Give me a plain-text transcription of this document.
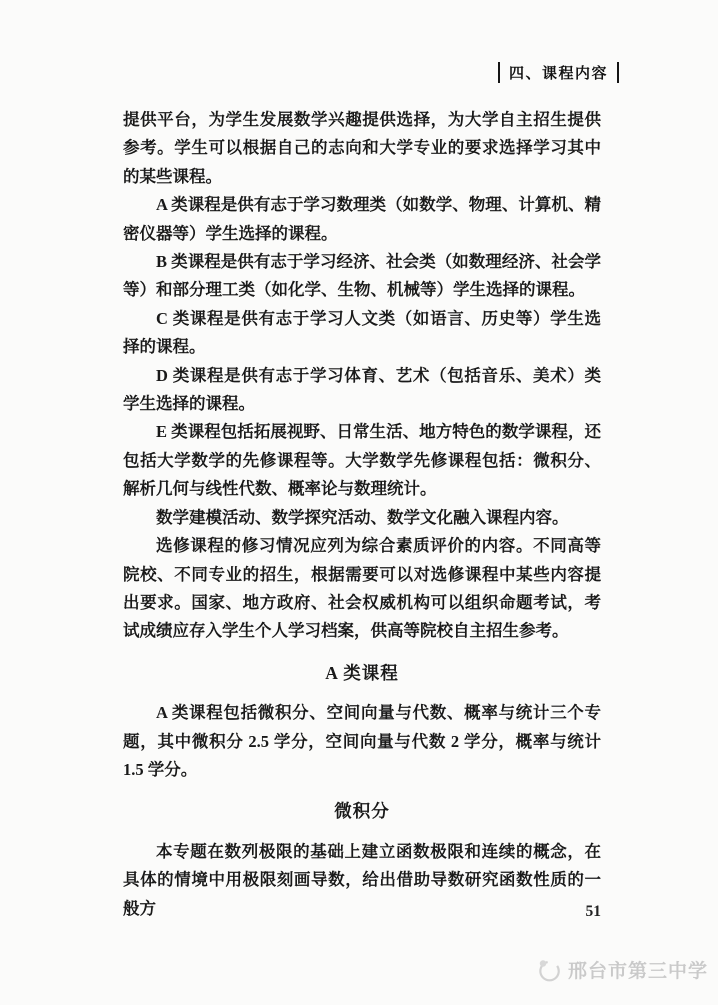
四、课程内容

提供平台，为学生发展数学兴趣提供选择，为大学自主招生提供参考。学生可以根据自己的志向和大学专业的要求选择学习其中的某些课程。

A 类课程是供有志于学习数理类（如数学、物理、计算机、精密仪器等）学生选择的课程。

B 类课程是供有志于学习经济、社会类（如数理经济、社会学等）和部分理工类（如化学、生物、机械等）学生选择的课程。

C 类课程是供有志于学习人文类（如语言、历史等）学生选择的课程。

D 类课程是供有志于学习体育、艺术（包括音乐、美术）类学生选择的课程。

E 类课程包括拓展视野、日常生活、地方特色的数学课程，还包括大学数学的先修课程等。大学数学先修课程包括：微积分、解析几何与线性代数、概率论与数理统计。

数学建模活动、数学探究活动、数学文化融入课程内容。

选修课程的修习情况应列为综合素质评价的内容。不同高等院校、不同专业的招生，根据需要可以对选修课程中某些内容提出要求。国家、地方政府、社会权威机构可以组织命题考试，考试成绩应存入学生个人学习档案，供高等院校自主招生参考。

A 类课程

A 类课程包括微积分、空间向量与代数、概率与统计三个专题，其中微积分 2.5 学分，空间向量与代数 2 学分，概率与统计 1.5 学分。

微积分

本专题在数列极限的基础上建立函数极限和连续的概念，在具体的情境中用极限刻画导数，给出借助导数研究函数性质的一般方	51
邢台市第三中学
